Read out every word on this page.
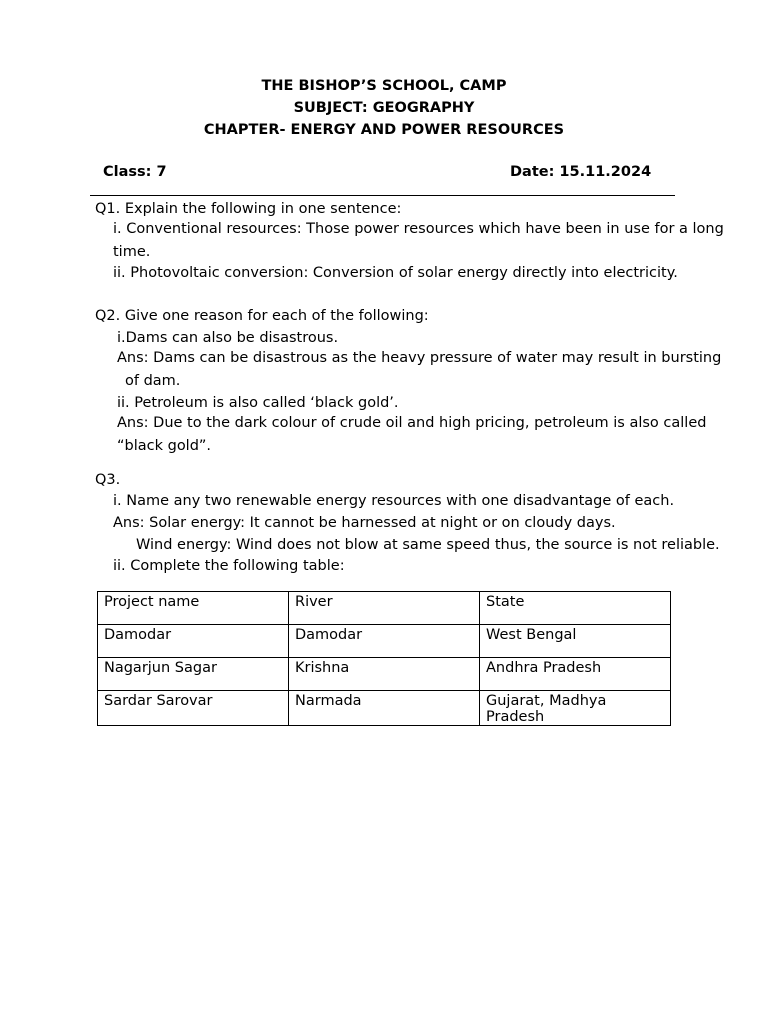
THE BISHOP’S SCHOOL, CAMP
SUBJECT: GEOGRAPHY
CHAPTER- ENERGY AND POWER RESOURCES
Class: 7	Date: 15.11.2024
Q1. Explain the following in one sentence:
i. Conventional resources: Those power resources which have been in use for a long
time.
ii. Photovoltaic conversion: Conversion of solar energy directly into electricity.
Q2. Give one reason for each of the following:
i.Dams can also be disastrous.
Ans: Dams can be disastrous as the heavy pressure of water may result in bursting
of dam.
ii. Petroleum is also called ‘black gold’.
Ans: Due to the dark colour of crude oil and high pricing, petroleum is also called
“black gold”.
Q3.
i. Name any two renewable energy resources with one disadvantage of each.
Ans: Solar energy: It cannot be harnessed at night or on cloudy days.
Wind energy: Wind does not blow at same speed thus, the source is not reliable.
ii. Complete the following table:
Project name	River	State
Damodar	Damodar	West Bengal
Nagarjun Sagar	Krishna	Andhra Pradesh
Sardar Sarovar	Narmada	Gujarat, Madhya Pradesh
